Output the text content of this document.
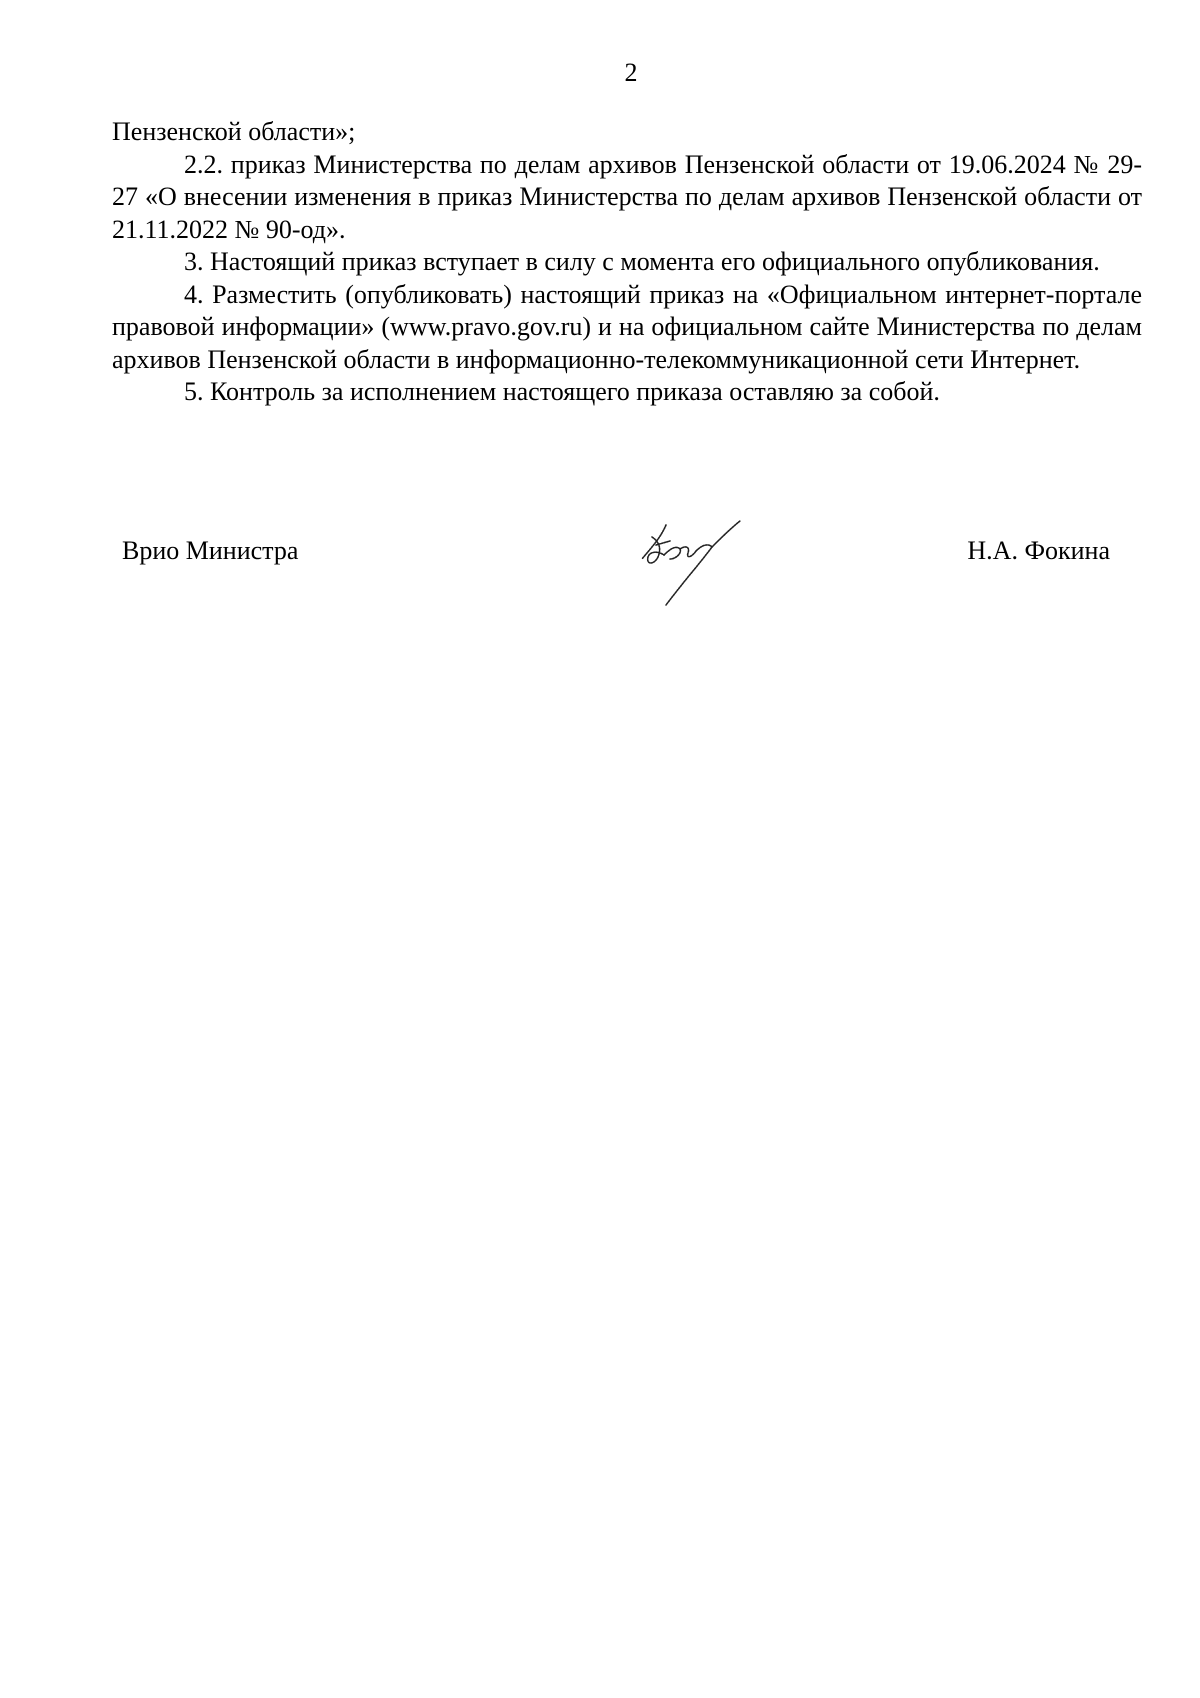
2

Пензенской области»;

2.2. приказ Министерства по делам архивов Пензенской области от 19.06.2024 № 29-27 «О внесении изменения в приказ Министерства по делам архивов Пензенской области от 21.11.2022 № 90-од».

3. Настоящий приказ вступает в силу с момента его официального опубликования.

4. Разместить (опубликовать) настоящий приказ на «Официальном интернет-портале правовой информации» (www.pravo.gov.ru) и на официальном сайте Министерства по делам архивов Пензенской области в информационно-телекоммуникационной сети Интернет.

5. Контроль за исполнением настоящего приказа оставляю за собой.

Врио Министра	Н.А. Фокина
